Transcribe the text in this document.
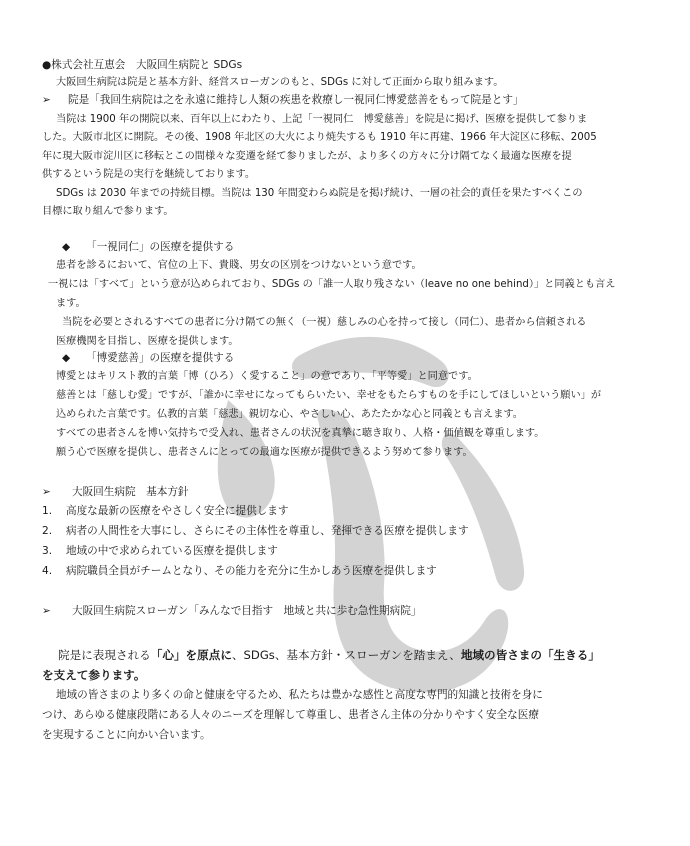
●株式会社互恵会　大阪回生病院と SDGs
大阪回生病院は院是と基本方針、経営スローガンのもと、SDGs に対して正面から取り組みます。
➢ 院是「我回生病院は之を永遠に維持し人類の疾患を救療し一視同仁博愛慈善をもって院是とす」
当院は 1900 年の開院以来、百年以上にわたり、上記「一視同仁　博愛慈善」を院是に掲げ、医療を提供して参りま
した。大阪市北区に開院。その後、1908 年北区の大火により焼失するも 1910 年に再建、1966 年大淀区に移転、2005
年に現大阪市淀川区に移転とこの間様々な変遷を経て参りましたが、より多くの方々に分け隔てなく最適な医療を提
供するという院是の実行を継続しております。
SDGs は 2030 年までの持続目標。当院は 130 年間変わらぬ院是を掲げ続け、一層の社会的責任を果たすべくこの
目標に取り組んで参ります。
◆ 「一視同仁」の医療を提供する
患者を診るにおいて、官位の上下、貴賤、男女の区別をつけないという意です。
一視には「すべて」という意が込められており、SDGs の「誰一人取り残さない（leave no one behind）」と同義とも言え
ます。
当院を必要とされるすべての患者に分け隔ての無く（一視）慈しみの心を持って接し（同仁）、患者から信頼される
医療機関を目指し、医療を提供します。
◆ 「博愛慈善」の医療を提供する
博愛とはキリスト教的言葉「博（ひろ）く愛すること」の意であり、「平等愛」と同意です。
慈善とは「慈しむ愛」ですが、「誰かに幸せになってもらいたい、幸せをもたらすものを手にしてほしいという願い」が
込められた言葉です。仏教的言葉「慈悲」親切な心、やさしい心、あたたかな心と同義とも言えます。
すべての患者さんを博い気持ちで受入れ、患者さんの状況を真摯に聴き取り、人格・価値観を尊重します。
願う心で医療を提供し、患者さんにとっての最適な医療が提供できるよう努めて参ります。
➢ 大阪回生病院　基本方針
1. 高度な最新の医療をやさしく安全に提供します
2. 病者の人間性を大事にし、さらにその主体性を尊重し、発揮できる医療を提供します
3. 地域の中で求められている医療を提供します
4. 病院職員全員がチームとなり、その能力を充分に生かしあう医療を提供します
➢ 大阪回生病院スローガン「みんなで目指す　地域と共に歩む急性期病院」
院是に表現される「心」を原点に、SDGs、基本方針・スローガンを踏まえ、地域の皆さまの「生きる」
を支えて参ります。
地域の皆さまのより多くの命と健康を守るため、私たちは豊かな感性と高度な専門的知識と技術を身に
つけ、あらゆる健康段階にある人々のニーズを理解して尊重し、患者さん主体の分かりやすく安全な医療
を実現することに向かい合います。
